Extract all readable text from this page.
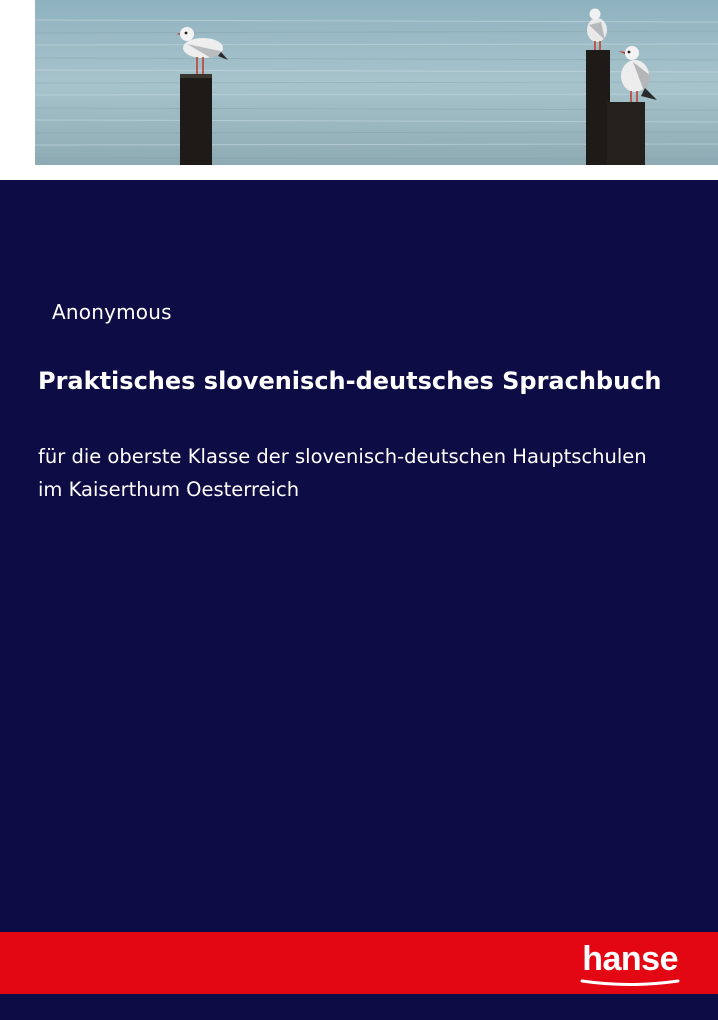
Anonymous
Praktisches slovenisch-deutsches Sprachbuch
für die oberste Klasse der slovenisch-deutschen Hauptschulen
im Kaiserthum Oesterreich
hanse
